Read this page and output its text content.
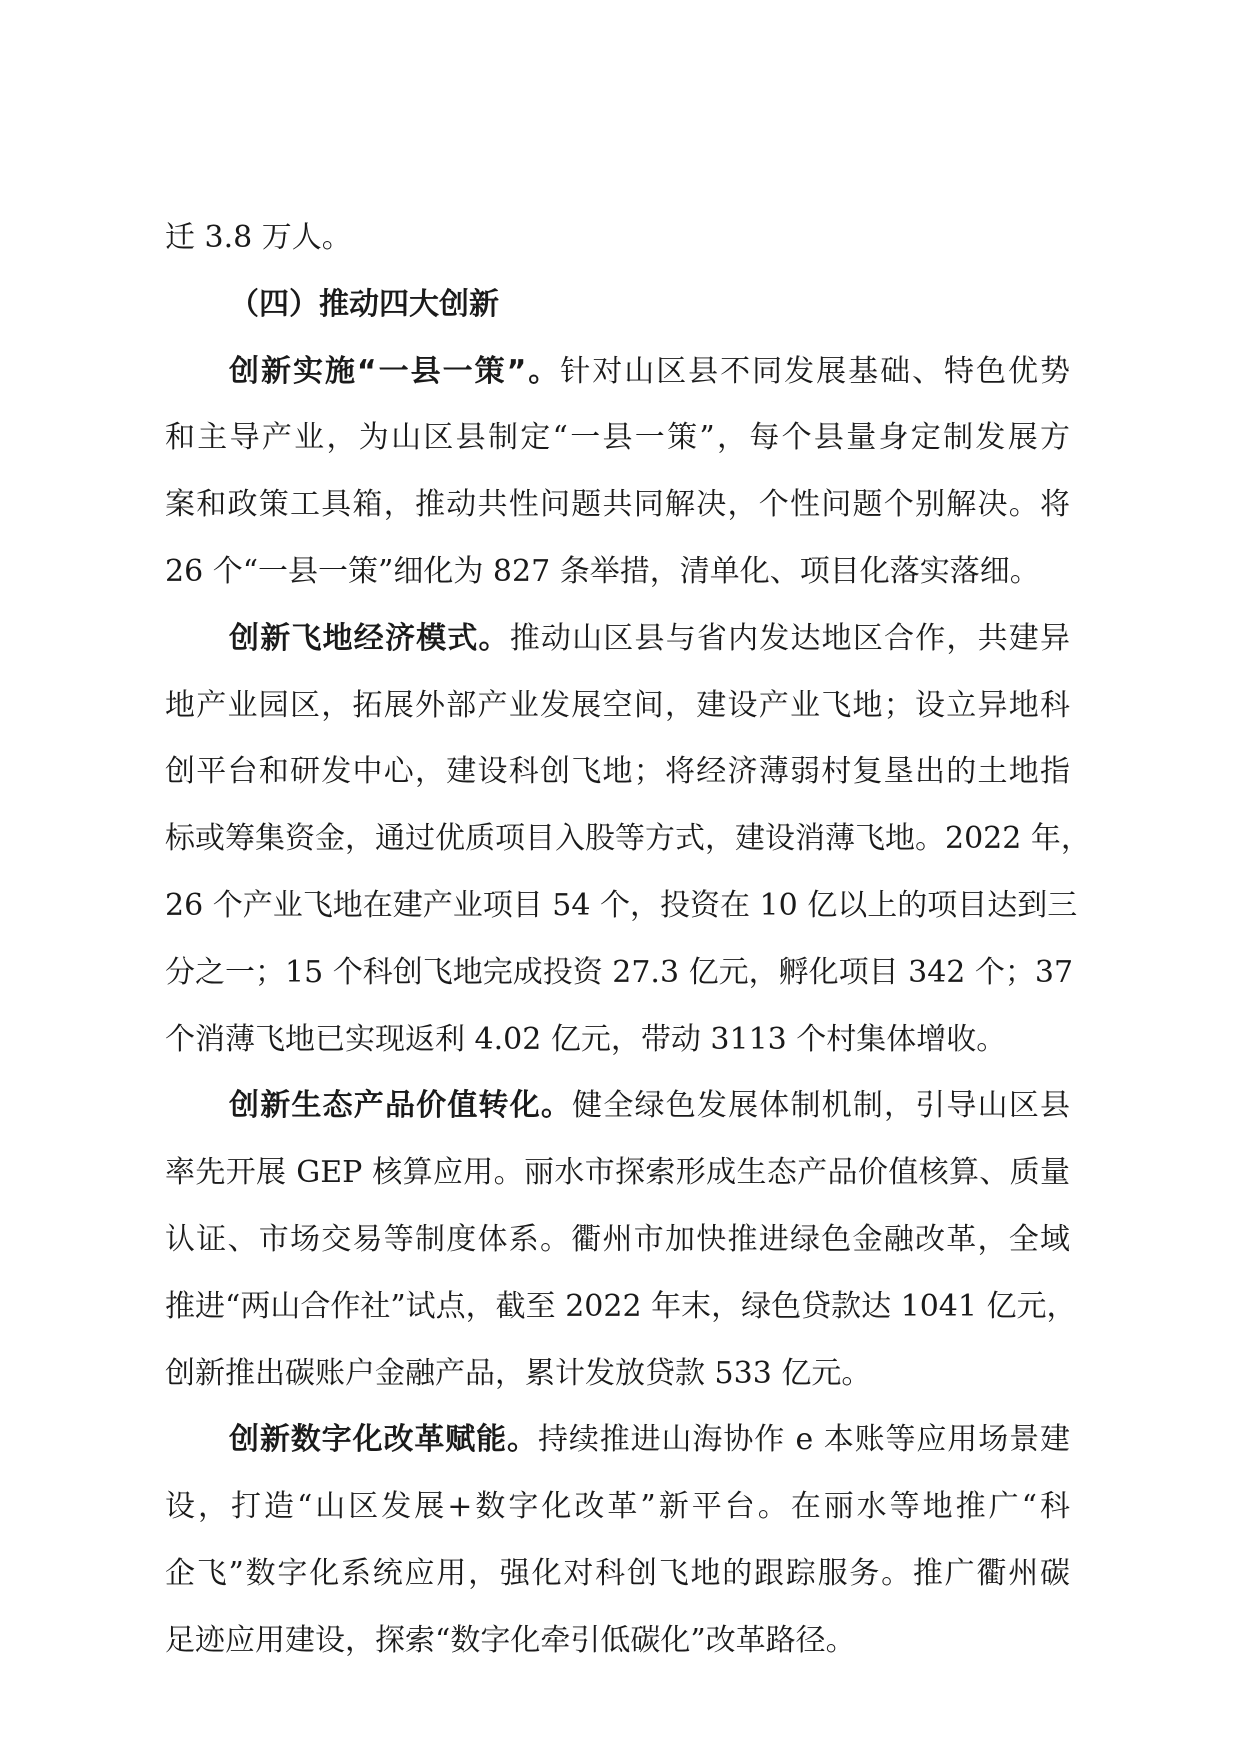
迁 3.8 万人。
（四）推动四大创新
创新实施“一县一策”。针对山区县不同发展基础、特色优势
和主导产业，为山区县制定“一县一策”，每个县量身定制发展方
案和政策工具箱，推动共性问题共同解决，个性问题个别解决。将
26 个“一县一策”细化为 827 条举措，清单化、项目化落实落细。
创新飞地经济模式。推动山区县与省内发达地区合作，共建异
地产业园区，拓展外部产业发展空间，建设产业飞地；设立异地科
创平台和研发中心，建设科创飞地；将经济薄弱村复垦出的土地指
标或筹集资金，通过优质项目入股等方式，建设消薄飞地。2022 年，
26 个产业飞地在建产业项目 54 个，投资在 10 亿以上的项目达到三
分之一；15 个科创飞地完成投资 27.3 亿元，孵化项目 342 个；37
个消薄飞地已实现返利 4.02 亿元，带动 3113 个村集体增收。
创新生态产品价值转化。健全绿色发展体制机制，引导山区县
率先开展 GEP 核算应用。丽水市探索形成生态产品价值核算、质量
认证、市场交易等制度体系。衢州市加快推进绿色金融改革，全域
推进“两山合作社”试点，截至 2022 年末，绿色贷款达 1041 亿元，
创新推出碳账户金融产品，累计发放贷款 533 亿元。
创新数字化改革赋能。持续推进山海协作 e 本账等应用场景建
设，打造“山区发展+数字化改革”新平台。在丽水等地推广“科
企飞”数字化系统应用，强化对科创飞地的跟踪服务。推广衢州碳
足迹应用建设，探索“数字化牵引低碳化”改革路径。
